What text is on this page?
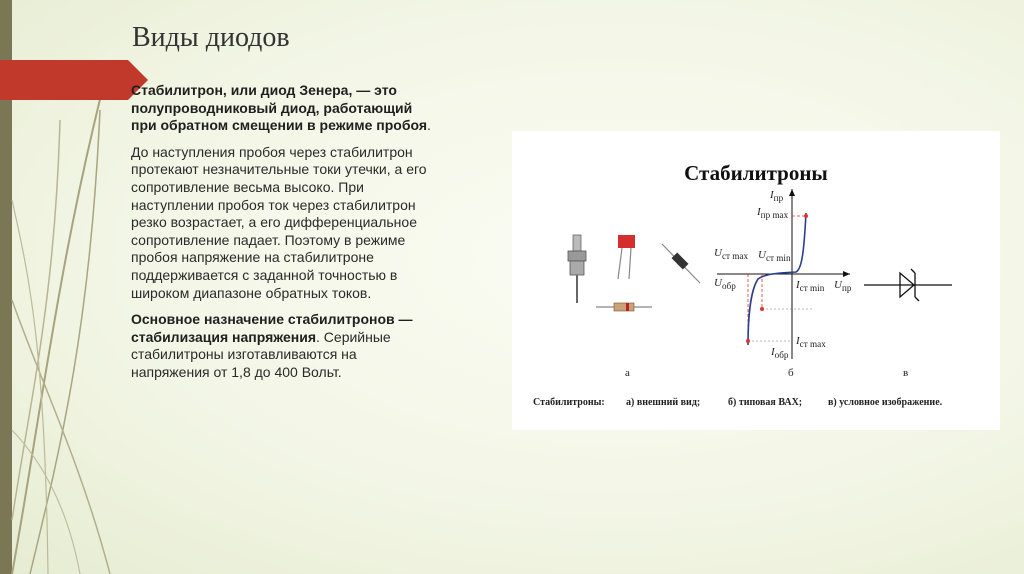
Виды диодов

Стабилитрон, или диод Зенера, — это полупроводниковый диод, работающий при обратном смещении в режиме пробоя.

До наступления пробоя через стабилитрон протекают незначительные токи утечки, а его сопротивление весьма высоко. При наступлении пробоя ток через стабилитрон резко возрастает, а его дифференциальное сопротивление падает. Поэтому в режиме пробоя напряжение на стабилитроне поддерживается с заданной точностью в широком диапазоне обратных токов.

Основное назначение стабилитронов — стабилизация напряжения. Серийные стабилитроны изготавливаются на напряжения от 1,8 до 400 Вольт.

Стабилитроны
$I_{пр}$
$I_{пр max}$
$U_{ст max}$ $U_{ст min}$
$U_{обр}$	$I_{ст min}$ $U_{пр}$
$I_{ст max}$
$I_{обр}$
а	б	в
Стабилитроны: а) внешний вид;	б) типовая ВАХ;	в) условное изображение.
